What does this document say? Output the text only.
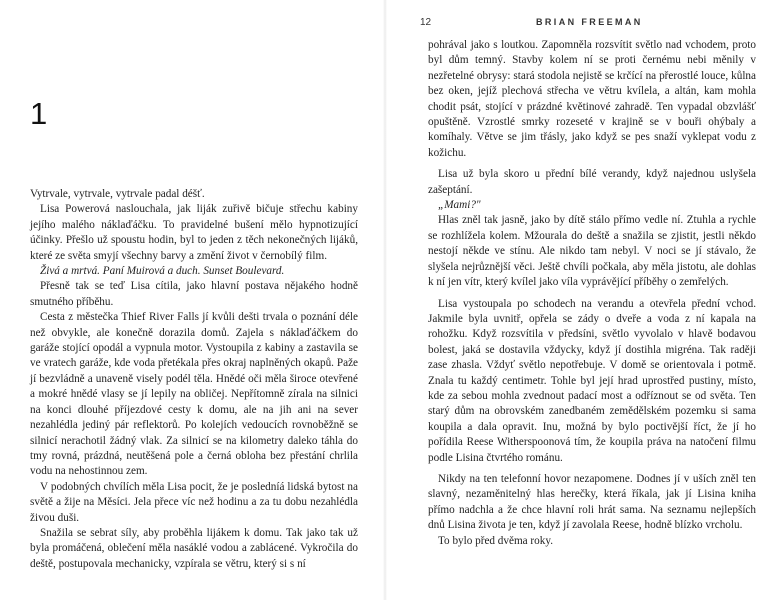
1

Vytrvale, vytrvale, vytrvale padal déšť.

Lisa Powerová naslouchala, jak liják zuřivě bičuje střechu kabiny jejího malého náklaďáčku. To pravidelné bušení mělo hypnotizující účinky. Přešlo už spoustu hodin, byl to jeden z těch nekonečných lijáků, které ze světa smyjí všechny barvy a změní život v černobílý film.

Živá a mrtvá. Paní Muirová a duch. Sunset Boulevard.

Přesně tak se teď Lisa cítila, jako hlavní postava nějakého hodně smutného příběhu.

Cesta z městečka Thief River Falls jí kvůli dešti trvala o poznání déle než obvykle, ale konečně dorazila domů. Zajela s náklaďáčkem do garáže stojící opodál a vypnula motor. Vystoupila z kabiny a zastavila se ve vratech garáže, kde voda přetékala přes okraj naplněných okapů. Paže jí bezvládně a unaveně visely podél těla. Hnědé oči měla široce otevřené a mokré hnědé vlasy se jí lepily na obličej. Nepřítomně zírala na silnici na konci dlouhé příjezdové cesty k domu, ale na jih ani na sever nezahlédla jediný pár reflektorů. Po kolejích vedoucích rovnoběžně se silnicí nerachotil žádný vlak. Za silnicí se na kilometry daleko táhla do tmy rovná, prázdná, neutěšená pole a černá obloha bez přestání chrlila vodu na nehostinnou zem.

V podobných chvílích měla Lisa pocit, že je posledníá lidská bytost na světě a žije na Měsíci. Jela přece víc než hodinu a za tu dobu nezahlédla živou duši.

Snažila se sebrat síly, aby proběhla lijákem k domu. Tak jako tak už byla promáčená, oblečení měla nasáklé vodou a zablácené. Vykročila do deště, postupovala mechanicky, vzpírala se větru, který si s ní

12	BRIAN FREEMAN

pohrával jako s loutkou. Zapomněla rozsvítit světlo nad vchodem, proto byl dům temný. Stavby kolem ní se proti černému nebi měnily v nezřetelné obrysy: stará stodola nejistě se krčící na přerostlé louce, kůlna bez oken, jejíž plechová střecha ve větru kvílela, a altán, kam mohla chodit psát, stojící v prázdné květinové zahradě. Ten vypadal obzvlášť opuštěně. Vzrostlé smrky rozeseté v krajině se v bouři ohýbaly a komíhaly. Větve se jim třásly, jako když se pes snaží vyklepat vodu z kožichu.

Lisa už byla skoro u přední bílé verandy, když najednou uslyšela zašeptání.

„Mami?"

Hlas zněl tak jasně, jako by dítě stálo přímo vedle ní. Ztuhla a rychle se rozhlížela kolem. Mžourala do deště a snažila se zjistit, jestli někdo nestojí někde ve stínu. Ale nikdo tam nebyl. V noci se jí stávalo, že slyšela nejrůznější věci. Ještě chvíli počkala, aby měla jistotu, ale dohlas k ní jen vítr, který kvílel jako vílа vyprávějící příběhy o zemřelých.

Lisa vystoupala po schodech na verandu a otevřela přední vchod. Jakmile byla uvnitř, opřela se zády o dveře a voda z ní kapala na rohožku. Když rozsvítila v předsíni, světlo vyvolalo v hlavě bodavou bolest, jaká se dostavila vždycky, když jí dostihla migréna. Tak raději zase zhasla. Vždyť světlo nepotřebuje. V domě se orientovala i potmě. Znala tu každý centimetr. Tohle byl její hrad uprostřed pustiny, místo, kde za sebou mohla zvednout padací most a odříznout se od světa. Ten starý dům na obrovském zanedbaném zemědělském pozemku si sama koupila a dala opravit. Inu, možná by bylo poctivější říct, že jí ho pořídila Reese Witherspoonová tím, že koupila práva na natočení filmu podle Lisina čtvrtého románu.

Nikdy na ten telefonní hovor nezapomene. Dodnes jí v uších zněl ten slavný, nezaměnitelný hlas herečky, která říkala, jak jí Lisina kniha přímo nadchla a že chce hlavní roli hrát sama. Na seznamu nejlepších dnů Lisina života je ten, když jí zavolala Reese, hodně blízko vrcholu.

To bylo před dvěma roky.
